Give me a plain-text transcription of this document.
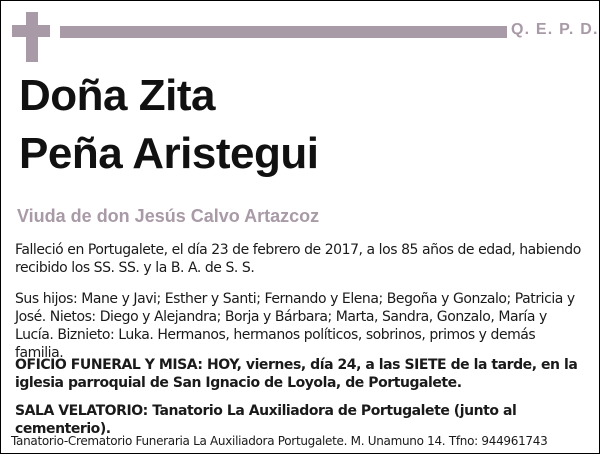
Q. E. P. D.
Doña Zita
Peña Aristegui
Viuda de don Jesús Calvo Artazcoz
Falleció en Portugalete, el día 23 de febrero de 2017, a los 85 años de edad, habiendo recibido los SS. SS. y la B. A. de S. S.
Sus hijos: Mane y Javi; Esther y Santi; Fernando y Elena; Begoña y Gonzalo; Patricia y José. Nietos: Diego y Alejandra; Borja y Bárbara; Marta, Sandra, Gonzalo, María y Lucía. Biznieto: Luka. Hermanos, hermanos políticos, sobrinos, primos y demás familia.
OFICIO FUNERAL Y MISA: HOY, viernes, día 24, a las SIETE de la tarde, en la iglesia parroquial de San Ignacio de Loyola, de Portugalete.
SALA VELATORIO: Tanatorio La Auxiliadora de Portugalete (junto al cementerio).
Tanatorio-Crematorio Funeraria La Auxiliadora Portugalete. M. Unamuno 14. Tfno: 944961743
